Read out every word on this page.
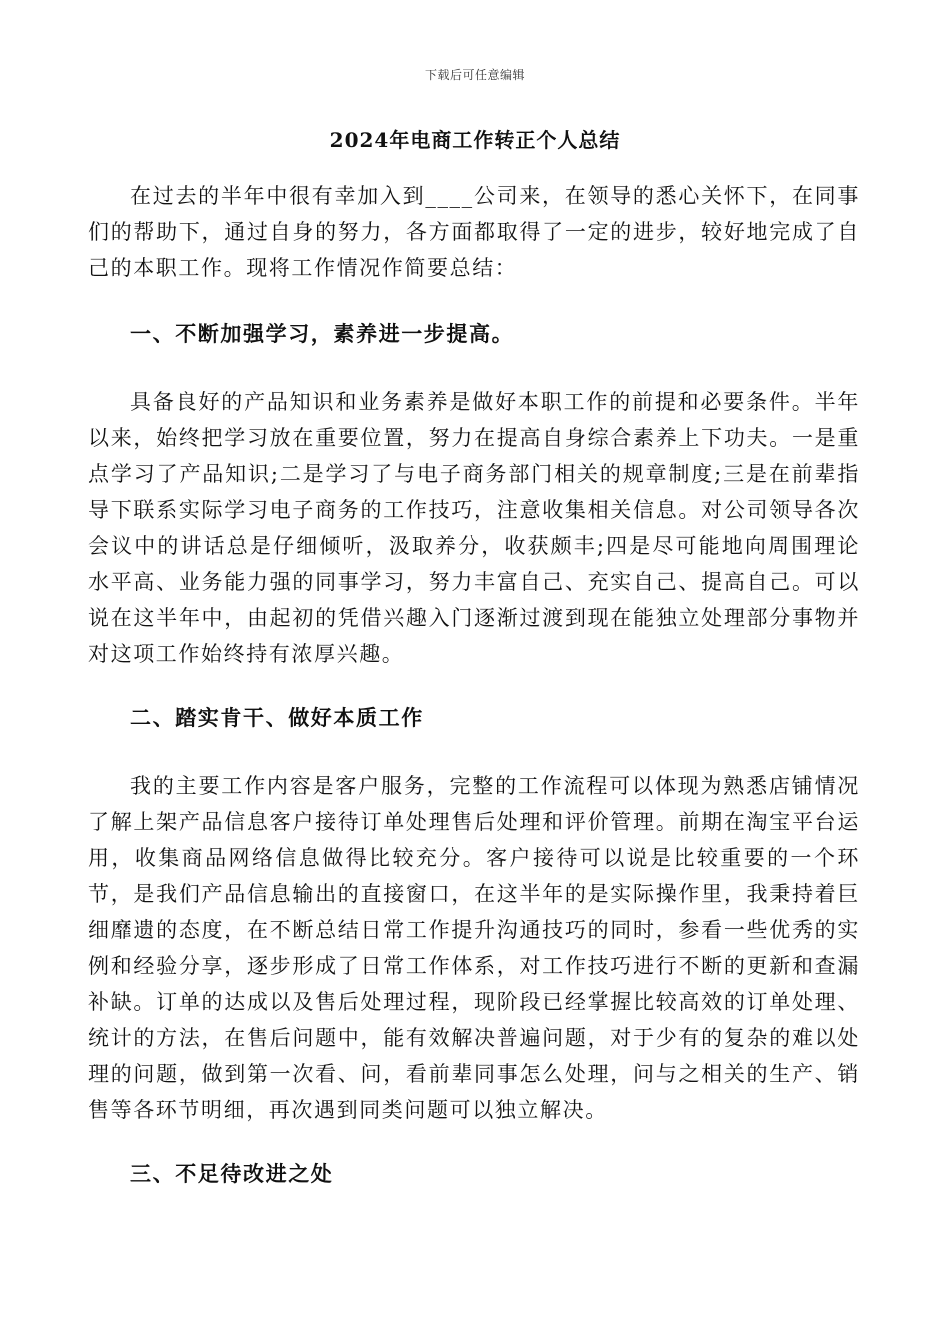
下载后可任意编辑
2024年电商工作转正个人总结

在过去的半年中很有幸加入到____公司来，在领导的悉心关怀下，在同事们的帮助下，通过自身的努力，各方面都取得了一定的进步，较好地完成了自己的本职工作。现将工作情况作简要总结：

一、不断加强学习，素养进一步提高。

具备良好的产品知识和业务素养是做好本职工作的前提和必要条件。半年以来，始终把学习放在重要位置，努力在提高自身综合素养上下功夫。一是重点学习了产品知识;二是学习了与电子商务部门相关的规章制度;三是在前辈指导下联系实际学习电子商务的工作技巧，注意收集相关信息。对公司领导各次会议中的讲话总是仔细倾听，汲取养分，收获颇丰;四是尽可能地向周围理论水平高、业务能力强的同事学习，努力丰富自己、充实自己、提高自己。可以说在这半年中，由起初的凭借兴趣入门逐渐过渡到现在能独立处理部分事物并对这项工作始终持有浓厚兴趣。

二、踏实肯干、做好本质工作

我的主要工作内容是客户服务，完整的工作流程可以体现为熟悉店铺情况了解上架产品信息客户接待订单处理售后处理和评价管理。前期在淘宝平台运用，收集商品网络信息做得比较充分。客户接待可以说是比较重要的一个环节，是我们产品信息输出的直接窗口，在这半年的是实际操作里，我秉持着巨细靡遗的态度，在不断总结日常工作提升沟通技巧的同时，参看一些优秀的实例和经验分享，逐步形成了日常工作体系，对工作技巧进行不断的更新和查漏补缺。订单的达成以及售后处理过程，现阶段已经掌握比较高效的订单处理、统计的方法，在售后问题中，能有效解决普遍问题，对于少有的复杂的难以处理的问题，做到第一次看、问，看前辈同事怎么处理，问与之相关的生产、销售等各环节明细，再次遇到同类问题可以独立解决。

三、不足待改进之处
